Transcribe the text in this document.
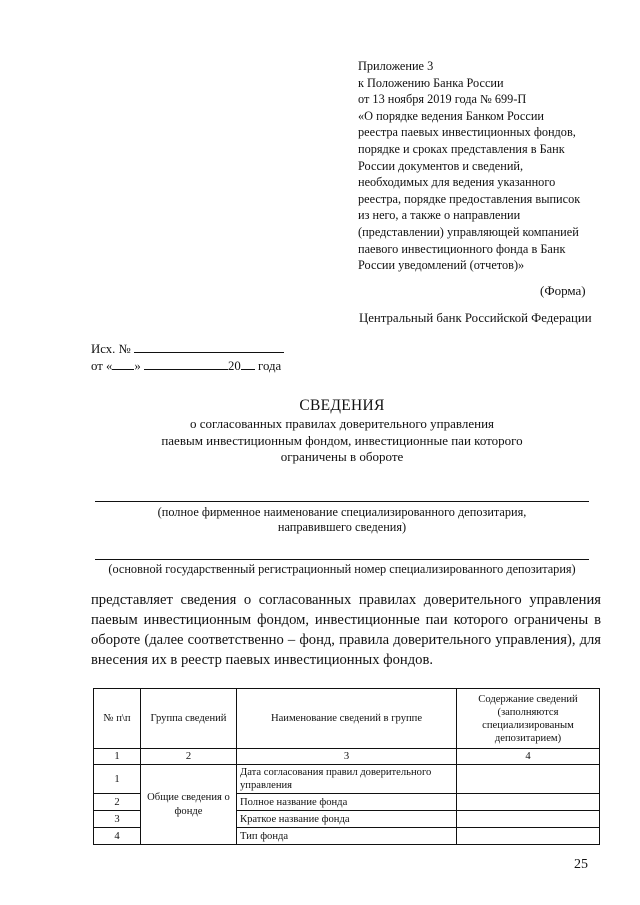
Приложение 3
к Положению Банка России
от 13 ноября 2019 года № 699-П
«О порядке ведения Банком России
реестра паевых инвестиционных фондов,
порядке и сроках представления в Банк
России документов и сведений,
необходимых для ведения указанного
реестра, порядке предоставления выписок
из него, а также о направлении
(представлении) управляющей компанией
паевого инвестиционного фонда в Банк
России уведомлений (отчетов)»
(Форма)
Центральный банк Российской Федерации
Исх. №
от « »	20 года
СВЕДЕНИЯ
о согласованных правилах доверительного управления
паевым инвестиционным фондом, инвестиционные паи которого
ограничены в обороте
(полное фирменное наименование специализированного депозитария,
направившего сведения)
(основной государственный регистрационный номер специализированного депозитария)
представляет сведения о согласованных правилах доверительного управления паевым инвестиционным фондом, инвестиционные паи которого ограничены в обороте (далее соответственно – фонд, правила доверительного управления), для внесения их в реестр паевых инвестиционных фондов.
№ п\п	Группа сведений	Наименование сведений в группе	Содержание сведений (заполняются специализированым депозитарием)
1	2	3	4
1	Общие сведения о фонде	Дата согласования правил доверительного управления	
2		Полное название фонда	
3		Краткое название фонда	
4		Тип фонда	
25
